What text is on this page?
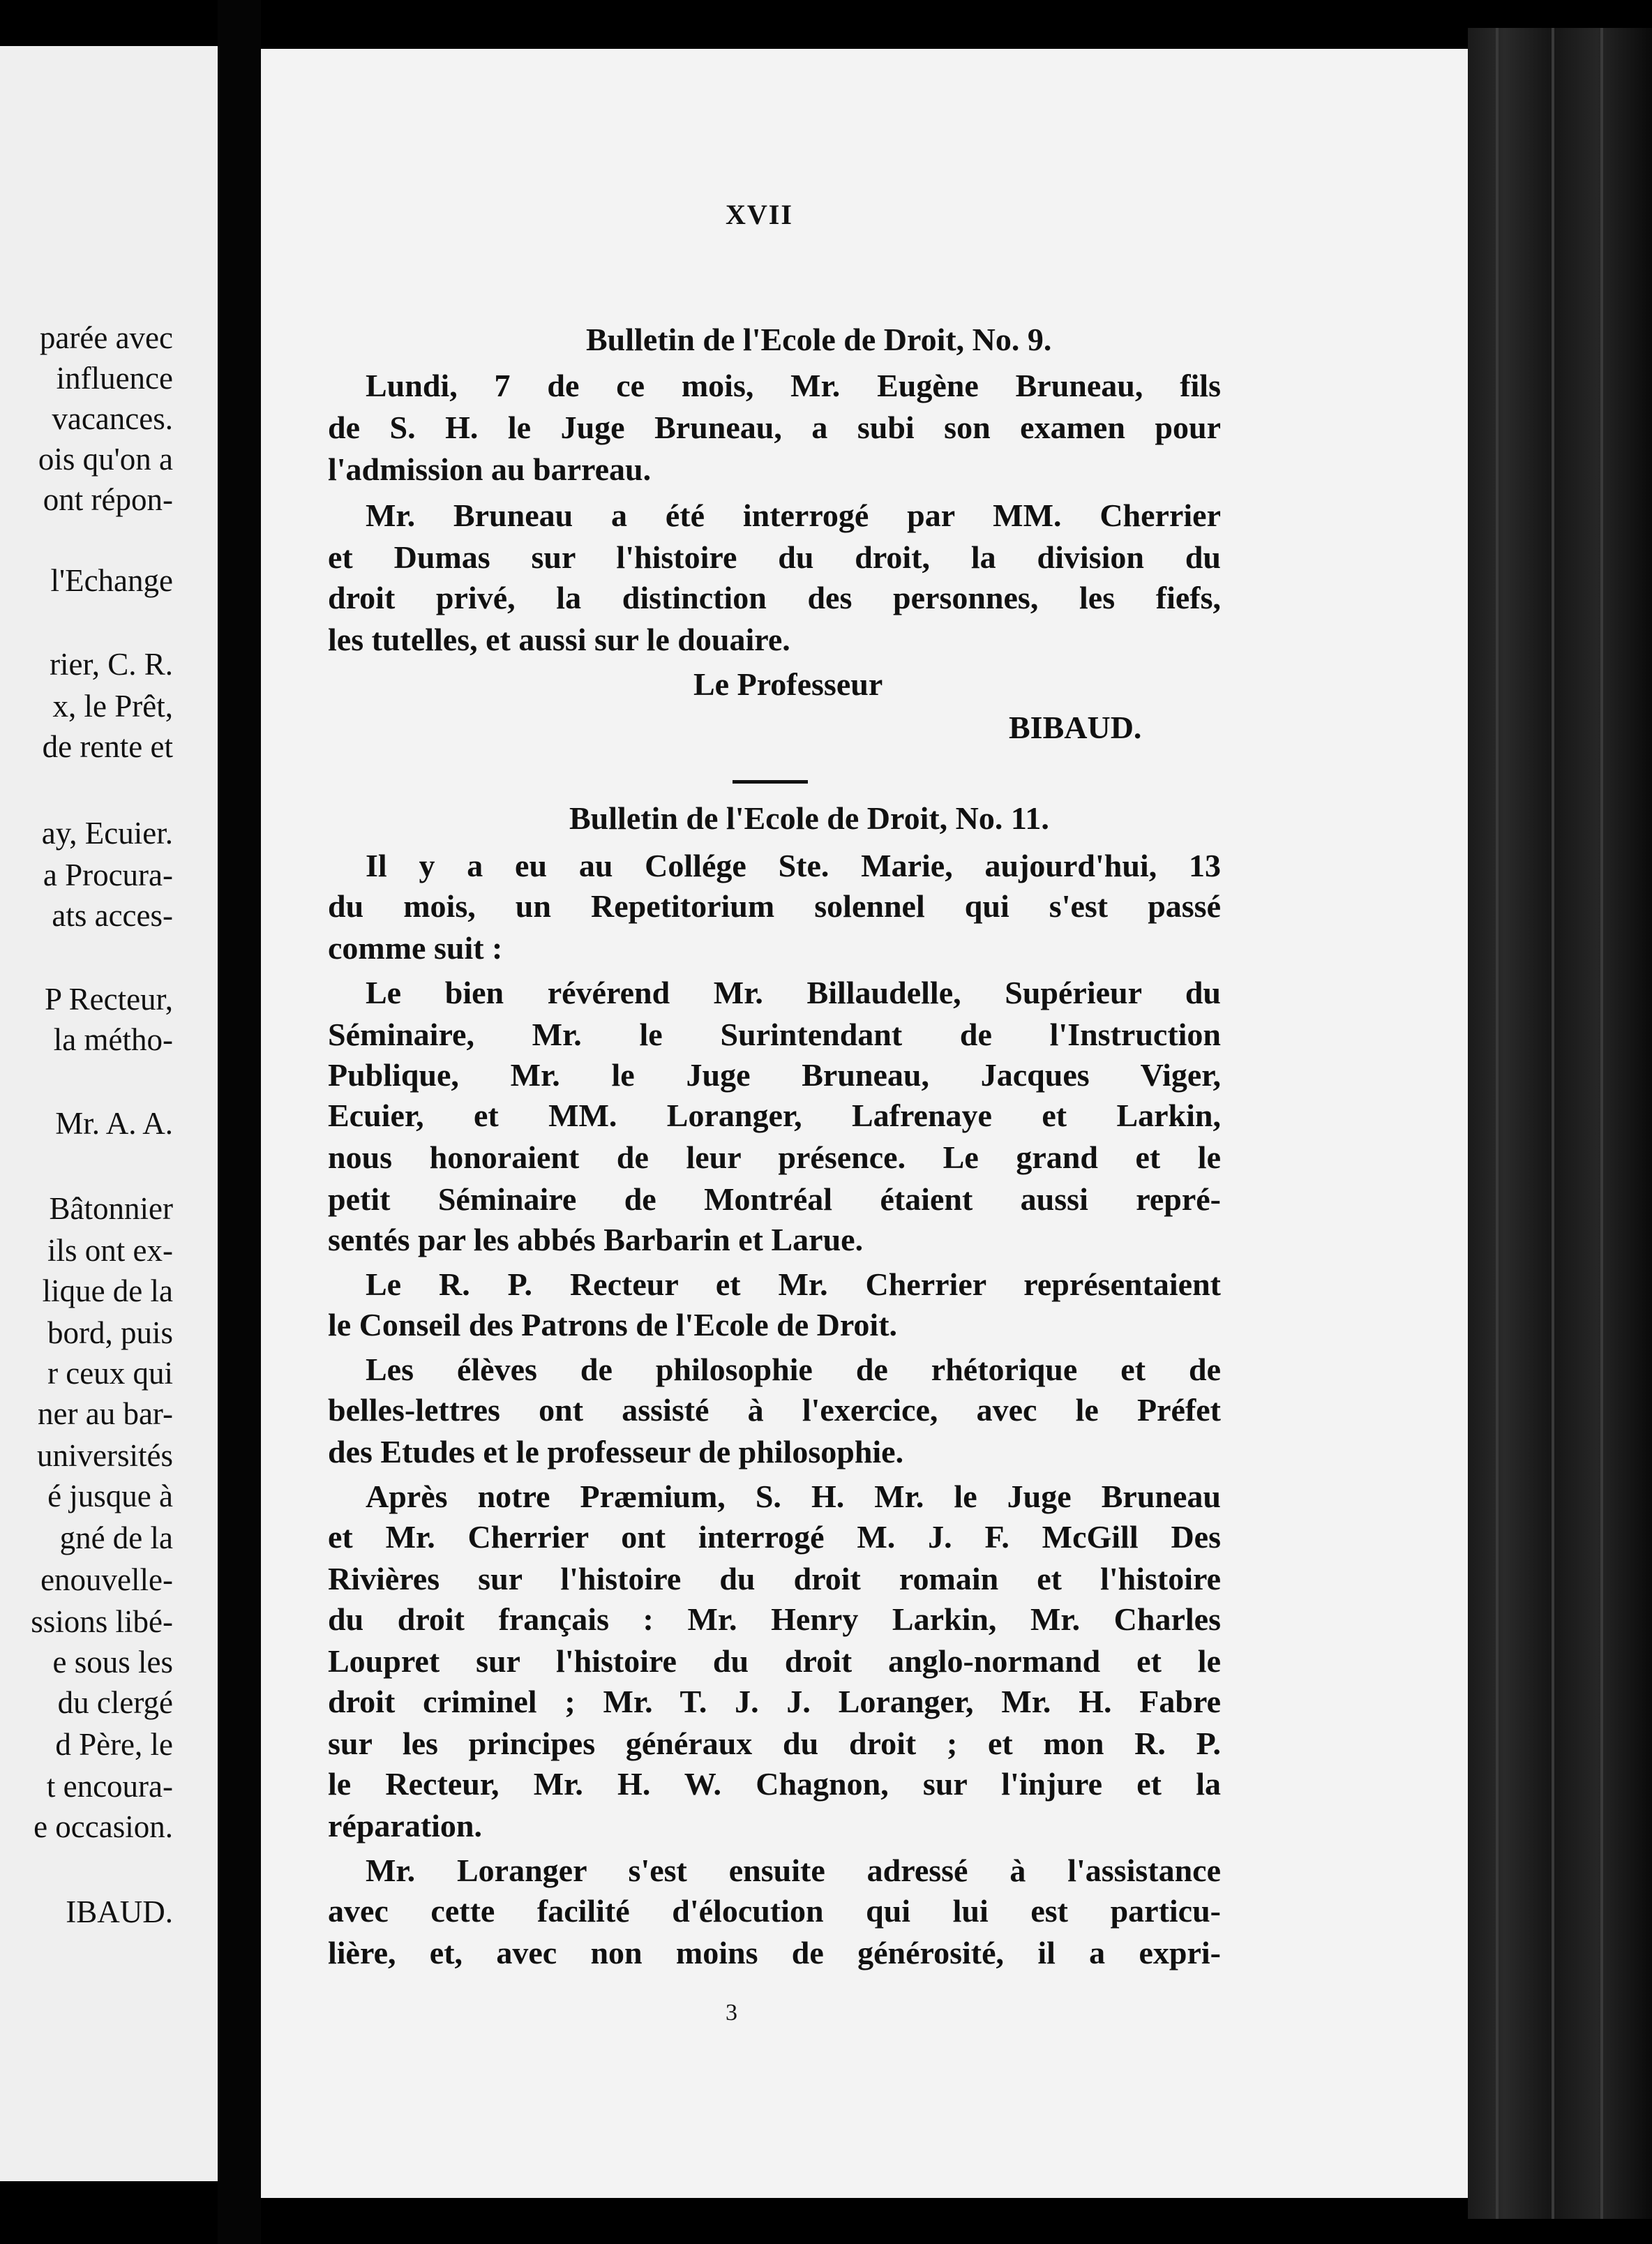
parée avec
influence
vacances.
ois qu'on a
ont répon-
l'Echange
rier, C. R.
x, le Prêt,
de rente et
ay, Ecuier.
a Procura-
ats acces-
P Recteur,
la métho-
Mr. A. A.
Bâtonnier
ils ont ex-
lique de la
bord, puis
r ceux qui
ner au bar-
universités
é jusque à
gné de la
enouvelle-
ssions libé-
e sous les
du clergé
d Père, le
t encoura-
e occasion.
IBAUD.
XVII
Bulletin de l'Ecole de Droit, No. 9.
Lundi, 7 de ce mois, Mr. Eugène Bruneau, fils
de S. H. le Juge Bruneau, a subi son examen pour
l'admission au barreau.
Mr. Bruneau a été interrogé par MM. Cherrier
et Dumas sur l'histoire du droit, la division du
droit privé, la distinction des personnes, les fiefs,
les tutelles, et aussi sur le douaire.
Le Professeur
BIBAUD.
Bulletin de l'Ecole de Droit, No. 11.
Il y a eu au Collége Ste. Marie, aujourd'hui, 13
du mois, un Repetitorium solennel qui s'est passé
comme suit :
Le bien révérend Mr. Billaudelle, Supérieur du
Séminaire, Mr. le Surintendant de l'Instruction
Publique, Mr. le Juge Bruneau, Jacques Viger,
Ecuier, et MM. Loranger, Lafrenaye et Larkin,
nous honoraient de leur présence. Le grand et le
petit Séminaire de Montréal étaient aussi repré-
sentés par les abbés Barbarin et Larue.
Le R. P. Recteur et Mr. Cherrier représentaient
le Conseil des Patrons de l'Ecole de Droit.
Les élèves de philosophie de rhétorique et de
belles-lettres ont assisté à l'exercice, avec le Préfet
des Etudes et le professeur de philosophie.
Après notre Præmium, S. H. Mr. le Juge Bruneau
et Mr. Cherrier ont interrogé M. J. F. McGill Des
Rivières sur l'histoire du droit romain et l'histoire
du droit français : Mr. Henry Larkin, Mr. Charles
Loupret sur l'histoire du droit anglo-normand et le
droit criminel ; Mr. T. J. J. Loranger, Mr. H. Fabre
sur les principes généraux du droit ; et mon R. P.
le Recteur, Mr. H. W. Chagnon, sur l'injure et la
réparation.
Mr. Loranger s'est ensuite adressé à l'assistance
avec cette facilité d'élocution qui lui est particu-
lière, et, avec non moins de générosité, il a expri-
3
